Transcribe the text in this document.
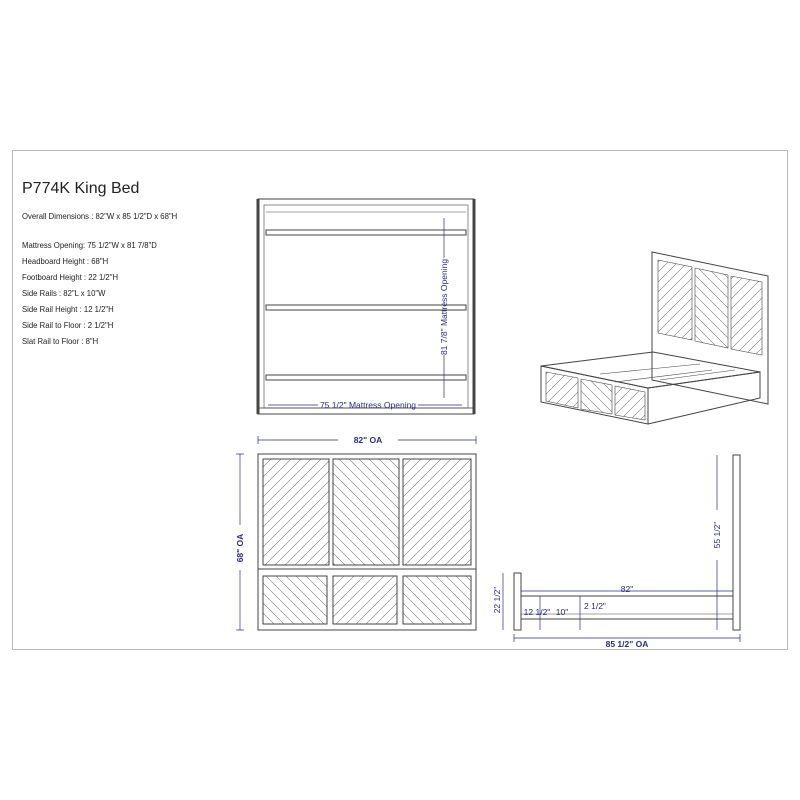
P774K King Bed
Overall Dimensions : 82"W x 85 1/2"D x 68"H
Mattress Opening: 75 1/2"W x 81 7/8"D
Headboard Height : 68"H
Footboard Height : 22 1/2"H
Side Rails : 82"L x 10"W
Side Rail Height : 12 1/2"H
Side Rail to Floor : 2 1/2"H
Slat Rail to Floor : 8"H
75 1/2" Mattress Opening
81 7/8" Mattress Opening
82" OA
68" OA
82"
55 1/2"
22 1/2"	12 1/2" 10"
2 1/2"
85 1/2" OA
